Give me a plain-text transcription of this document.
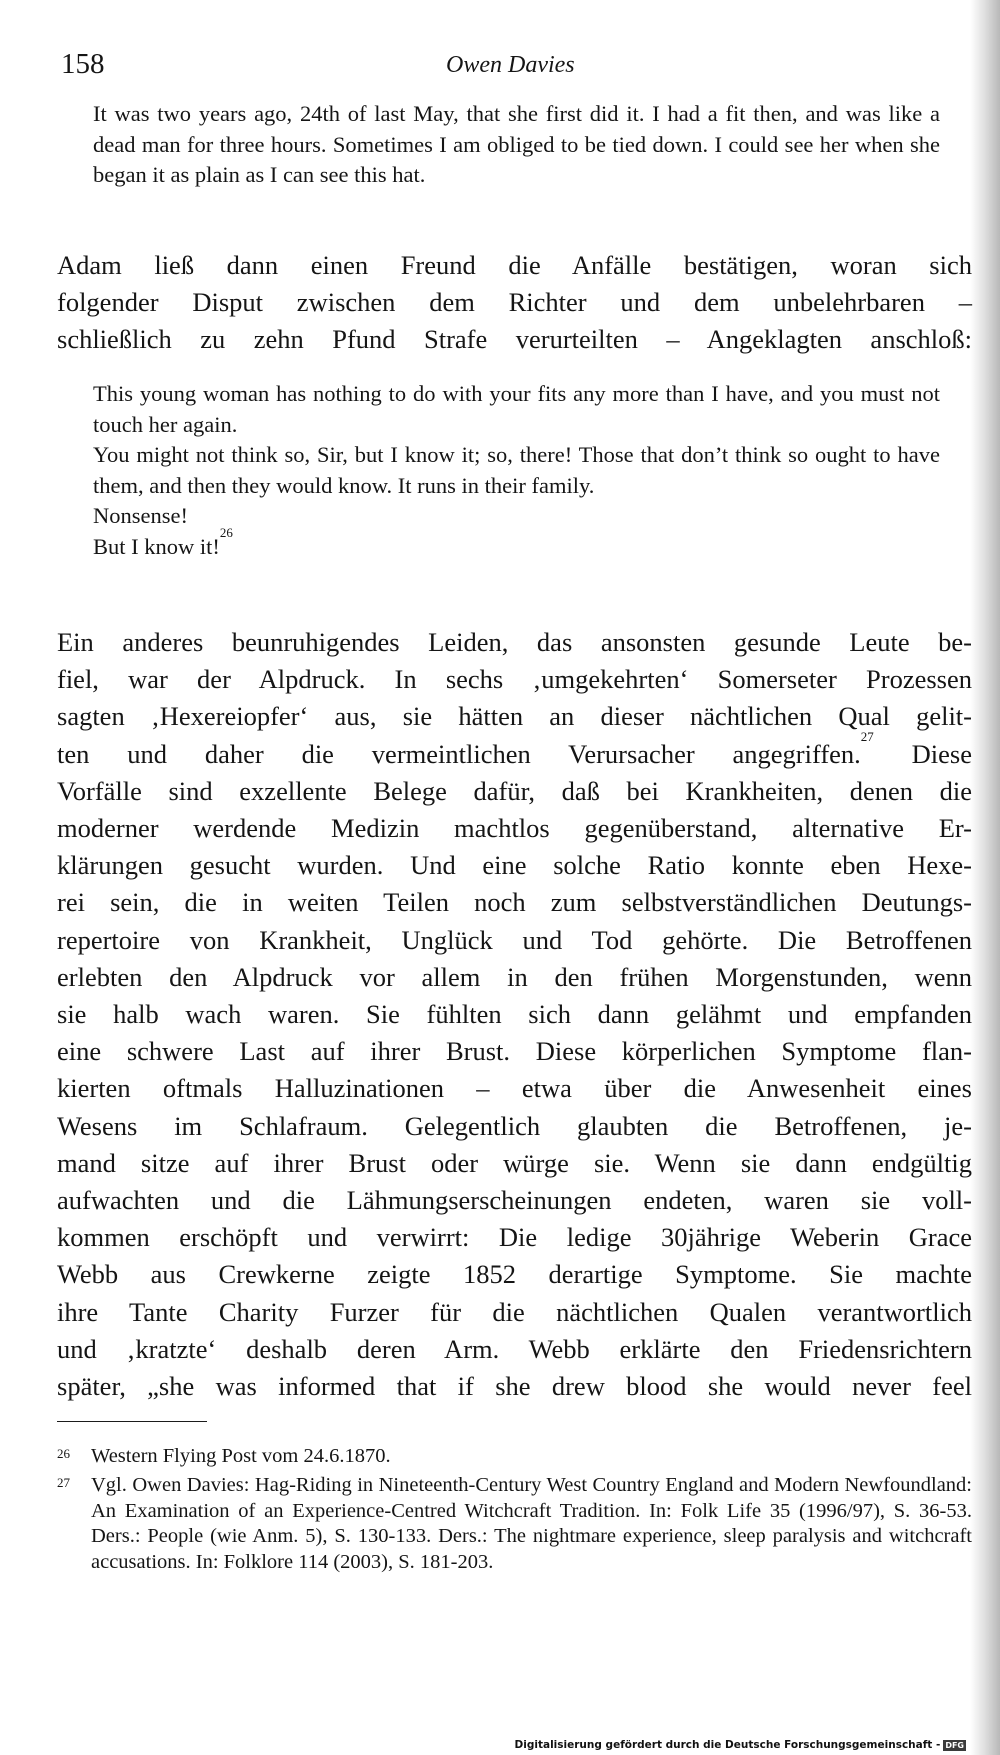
158	Owen Davies
It was two years ago, 24th of last May, that she first did it. I had a fit then, and was like a dead man for three hours. Sometimes I am obliged to be tied down. I could see her when she began it as plain as I can see this hat.

Adam ließ dann einen Freund die Anfälle bestätigen, woran sich

folgender Disput zwischen dem Richter und dem unbelehrbaren –

schließlich zu zehn Pfund Strafe verurteilten – Angeklagten anschloß:

This young woman has nothing to do with your fits any more than I have, and you must not touch her again.

You might not think so, Sir, but I know it; so, there! Those that don’t think so ought to have them, and then they would know. It runs in their family.

Nonsense!

But I know it!$^{26}$

Ein anderes beunruhigendes Leiden, das ansonsten gesunde Leute be-

fiel, war der Alpdruck. In sechs ‚umgekehrten‘ Somerseter Prozessen

sagten ‚Hexereiopfer‘ aus, sie hätten an dieser nächtlichen Qual gelit-

ten und daher die vermeintlichen Verursacher angegriffen.$^{27}$ Diese

Vorfälle sind exzellente Belege dafür, daß bei Krankheiten, denen die

moderner werdende Medizin machtlos gegenüberstand, alternative Er-

klärungen gesucht wurden. Und eine solche Ratio konnte eben Hexe-

rei sein, die in weiten Teilen noch zum selbstverständlichen Deutungs-

repertoire von Krankheit, Unglück und Tod gehörte. Die Betroffenen

erlebten den Alpdruck vor allem in den frühen Morgenstunden, wenn

sie halb wach waren. Sie fühlten sich dann gelähmt und empfanden

eine schwere Last auf ihrer Brust. Diese körperlichen Symptome flan-

kierten oftmals Halluzinationen – etwa über die Anwesenheit eines

Wesens im Schlafraum. Gelegentlich glaubten die Betroffenen, je-

mand sitze auf ihrer Brust oder würge sie. Wenn sie dann endgültig

aufwachten und die Lähmungserscheinungen endeten, waren sie voll-

kommen erschöpft und verwirrt: Die ledige 30jährige Weberin Grace

Webb aus Crewkerne zeigte 1852 derartige Symptome. Sie machte

ihre Tante Charity Furzer für die nächtlichen Qualen verantwortlich

und ‚kratzte‘ deshalb deren Arm. Webb erklärte den Friedensrichtern

später, „she was informed that if she drew blood she would never feel

26 Western Flying Post vom 24.6.1870.
27 Vgl. Owen Davies: Hag-Riding in Nineteenth-Century West Country England and Modern Newfoundland: An Examination of an Experience-Centred Witchcraft Tradition. In: Folk Life 35 (1996/97), S. 36-53. Ders.: People (wie Anm. 5), S. 130-133. Ders.: The nightmare experience, sleep paralysis and witchcraft accusations. In: Folklore 114 (2003), S. 181-203.
Digitalisierung gefördert durch die Deutsche Forschungsgemeinschaft - DFG
